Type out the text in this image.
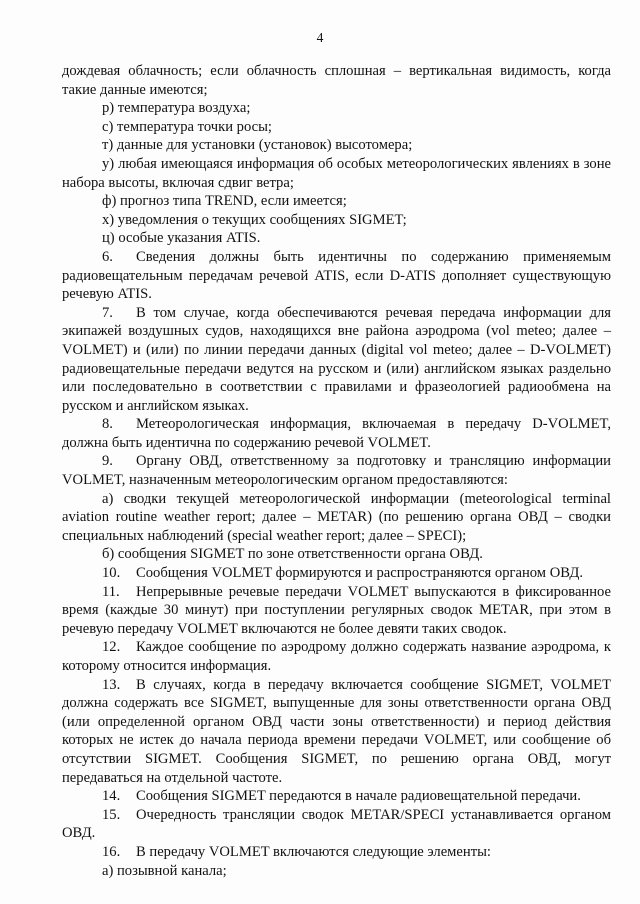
4

дождевая облачность; если облачность сплошная – вертикальная видимость, когда такие данные имеются;

р) температура воздуха;

с) температура точки росы;

т) данные для установки (установок) высотомера;

у) любая имеющаяся информация об особых метеорологических явлениях в зоне набора высоты, включая сдвиг ветра;

ф) прогноз типа TREND, если имеется;

х) уведомления о текущих сообщениях SIGMET;

ц) особые указания ATIS.

6. Сведения должны быть идентичны по содержанию применяемым радиовещательным передачам речевой ATIS, если D-ATIS дополняет существующую речевую ATIS.

7. В том случае, когда обеспечиваются речевая передача информации для экипажей воздушных судов, находящихся вне района аэродрома (vol meteo; далее – VOLMET) и (или) по линии передачи данных (digital vol meteo; далее – D-VOLMET) радиовещательные передачи ведутся на русском и (или) английском языках раздельно или последовательно в соответствии с правилами и фразеологией радиообмена на русском и английском языках.

8. Метеорологическая информация, включаемая в передачу D-VOLMET, должна быть идентична по содержанию речевой VOLMET.

9. Органу ОВД, ответственному за подготовку и трансляцию информации VOLMET, назначенным метеорологическим органом предоставляются:

а) сводки текущей метеорологической информации (meteorological terminal aviation routine weather report; далее – METAR) (по решению органа ОВД – сводки специальных наблюдений (special weather report; далее – SPECI);

б) сообщения SIGMET по зоне ответственности органа ОВД.

10. Сообщения VOLMET формируются и распространяются органом ОВД.

11. Непрерывные речевые передачи VOLMET выпускаются в фиксированное время (каждые 30 минут) при поступлении регулярных сводок METAR, при этом в речевую передачу VOLMET включаются не более девяти таких сводок.

12. Каждое сообщение по аэродрому должно содержать название аэродрома, к которому относится информация.

13. В случаях, когда в передачу включается сообщение SIGMET, VOLMET должна содержать все SIGMET, выпущенные для зоны ответственности органа ОВД (или определенной органом ОВД части зоны ответственности) и период действия которых не истек до начала периода времени передачи VOLMET, или сообщение об отсутствии SIGMET. Сообщения SIGMET, по решению органа ОВД, могут передаваться на отдельной частоте.

14. Сообщения SIGMET передаются в начале радиовещательной передачи.

15. Очередность трансляции сводок METAR/SPECI устанавливается органом ОВД.

16. В передачу VOLMET включаются следующие элементы:

а) позывной канала;
